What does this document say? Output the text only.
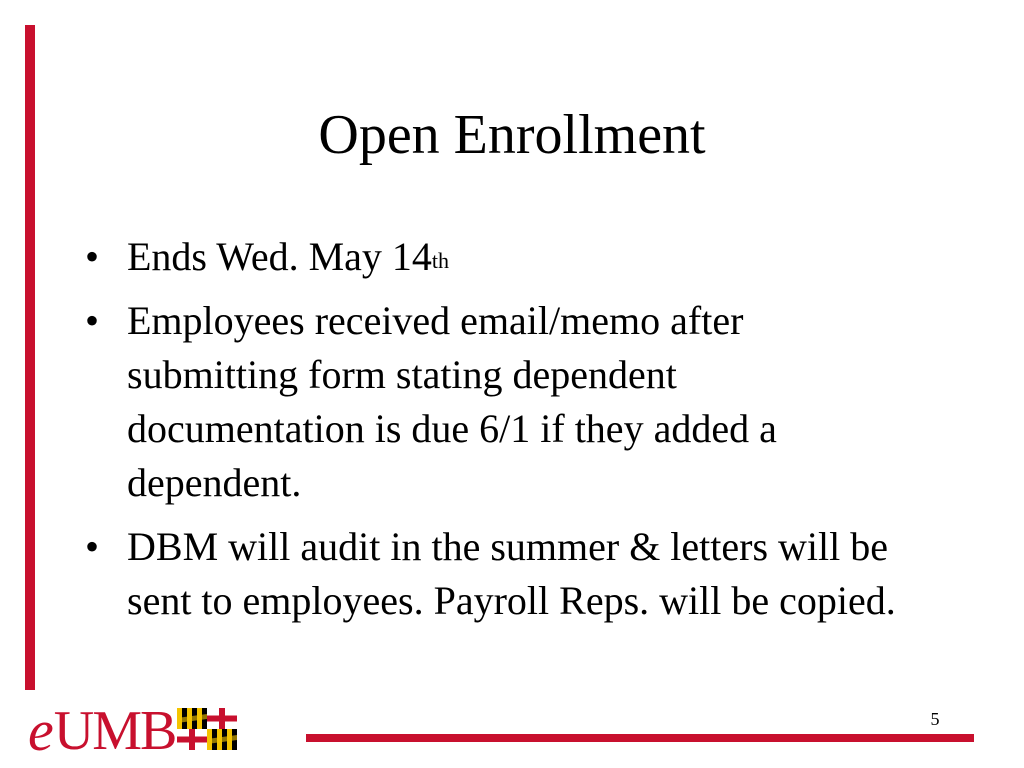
Open Enrollment
• Ends Wed. May 14th
• Employees received email/memo after submitting form stating dependent documentation is due 6/1 if they added a dependent.
• DBM will audit in the summer & letters will be sent to employees. Payroll Reps. will be copied.
e UMB	5
